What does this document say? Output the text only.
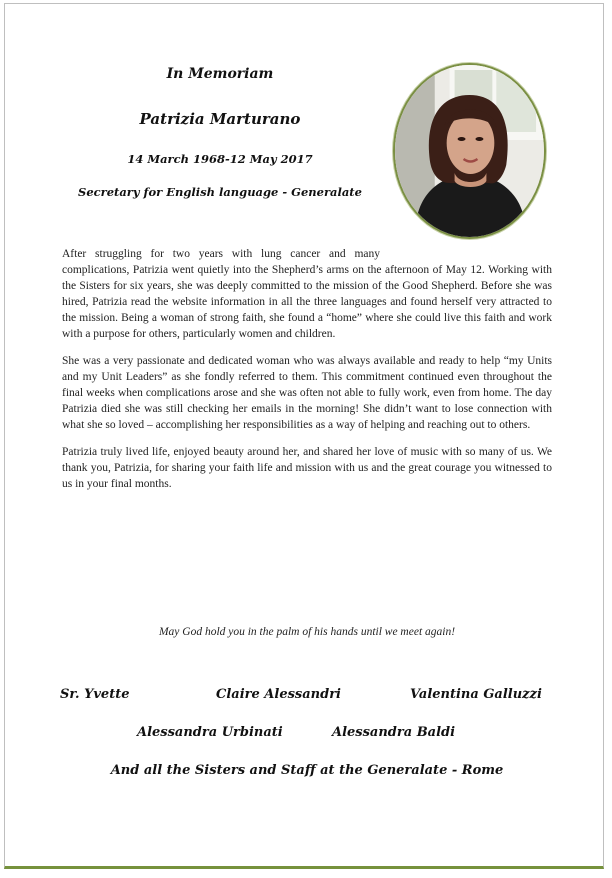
In Memoriam
Patrizia Marturano
14 March 1968-12 May 2017
Secretary for English language - Generalate

After struggling for two years with lung cancer and many complications, Patrizia went quietly into the Shepherd’s arms on the afternoon of May 12. Working with the Sisters for six years, she was deeply committed to the mission of the Good Shepherd. Before she was hired, Patrizia read the website information in all the three languages and found herself very attracted to the mission. Being a woman of strong faith, she found a “home” where she could live this faith and work with a purpose for others, particularly women and children.

She was a very passionate and dedicated woman who was always available and ready to help “my Units and my Unit Leaders” as she fondly referred to them. This commitment continued even throughout the final weeks when complications arose and she was often not able to fully work, even from home. The day Patrizia died she was still checking her emails in the morning! She didn’t want to lose connection with what she so loved – accomplishing her responsibilities as a way of helping and reaching out to others.

Patrizia truly lived life, enjoyed beauty around her, and shared her love of music with so many of us. We thank you, Patrizia, for sharing your faith life and mission with us and the great courage you witnessed to us in your final months.

May God hold you in the palm of his hands until we meet again!
Sr. Yvette	Claire Alessandri	Valentina Galluzzi
Alessandra Urbinati	Alessandra Baldi
And all the Sisters and Staff at the Generalate - Rome
